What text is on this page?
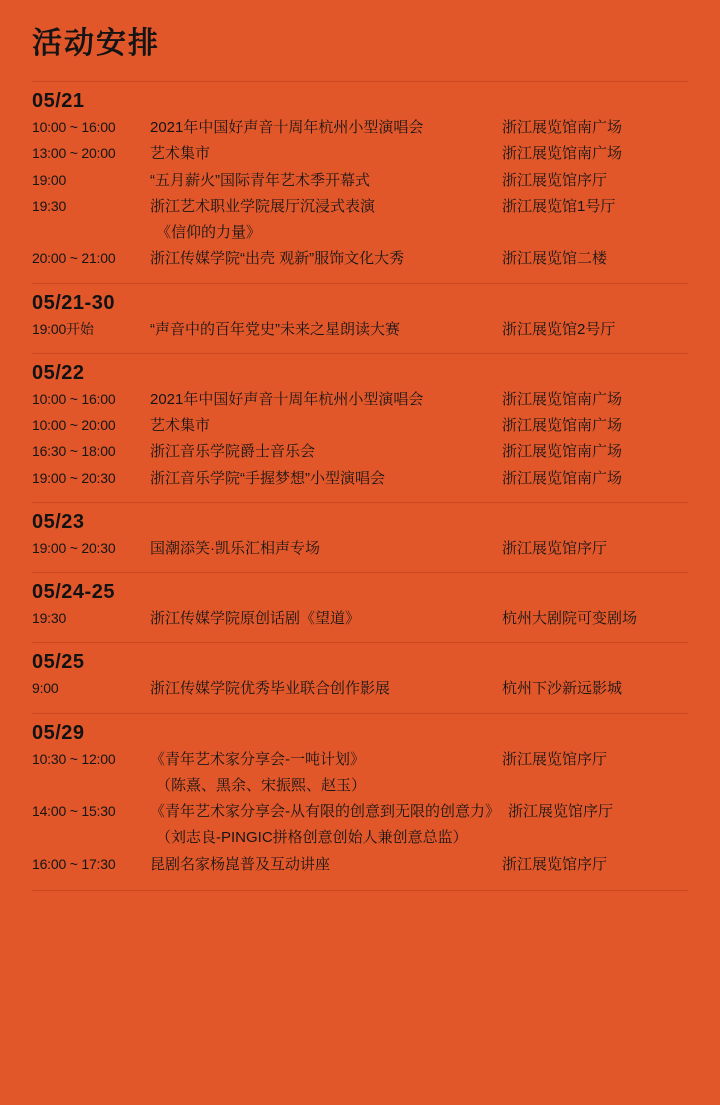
活动安排
05/21
10:00 ~ 16:00	2021年中国好声音十周年杭州小型演唱会	浙江展览馆南广场
13:00 ~ 20:00	艺术集市	浙江展览馆南广场
19:00	“五月薪火”国际青年艺术季开幕式	浙江展览馆序厅
19:30	浙江艺术职业学院展厅沉浸式表演	浙江展览馆1号厅
《信仰的力量》
20:00 ~ 21:00	浙江传媒学院“出壳 观新”服饰文化大秀	浙江展览馆二楼
05/21-30
19:00开始	“声音中的百年党史”未来之星朗读大赛	浙江展览馆2号厅
05/22
10:00 ~ 16:00	2021年中国好声音十周年杭州小型演唱会	浙江展览馆南广场
10:00 ~ 20:00	艺术集市	浙江展览馆南广场
16:30 ~ 18:00	浙江音乐学院爵士音乐会	浙江展览馆南广场
19:00 ~ 20:30	浙江音乐学院“手握梦想”小型演唱会	浙江展览馆南广场
05/23
19:00 ~ 20:30	国潮添笑·凯乐汇相声专场	浙江展览馆序厅
05/24-25
19:30	浙江传媒学院原创话剧《望道》	杭州大剧院可变剧场
05/25
9:00	浙江传媒学院优秀毕业联合创作影展	杭州下沙新远影城
05/29
10:30 ~ 12:00	《青年艺术家分享会-一吨计划》	浙江展览馆序厅
（陈熹、黑余、宋振熙、赵玉）
14:00 ~ 15:30	《青年艺术家分享会-从有限的创意到无限的创意力》 浙江展览馆序厅
（刘志良-PINGIC拼格创意创始人兼创意总监）
16:00 ~ 17:30	昆剧名家杨崑普及互动讲座	浙江展览馆序厅
